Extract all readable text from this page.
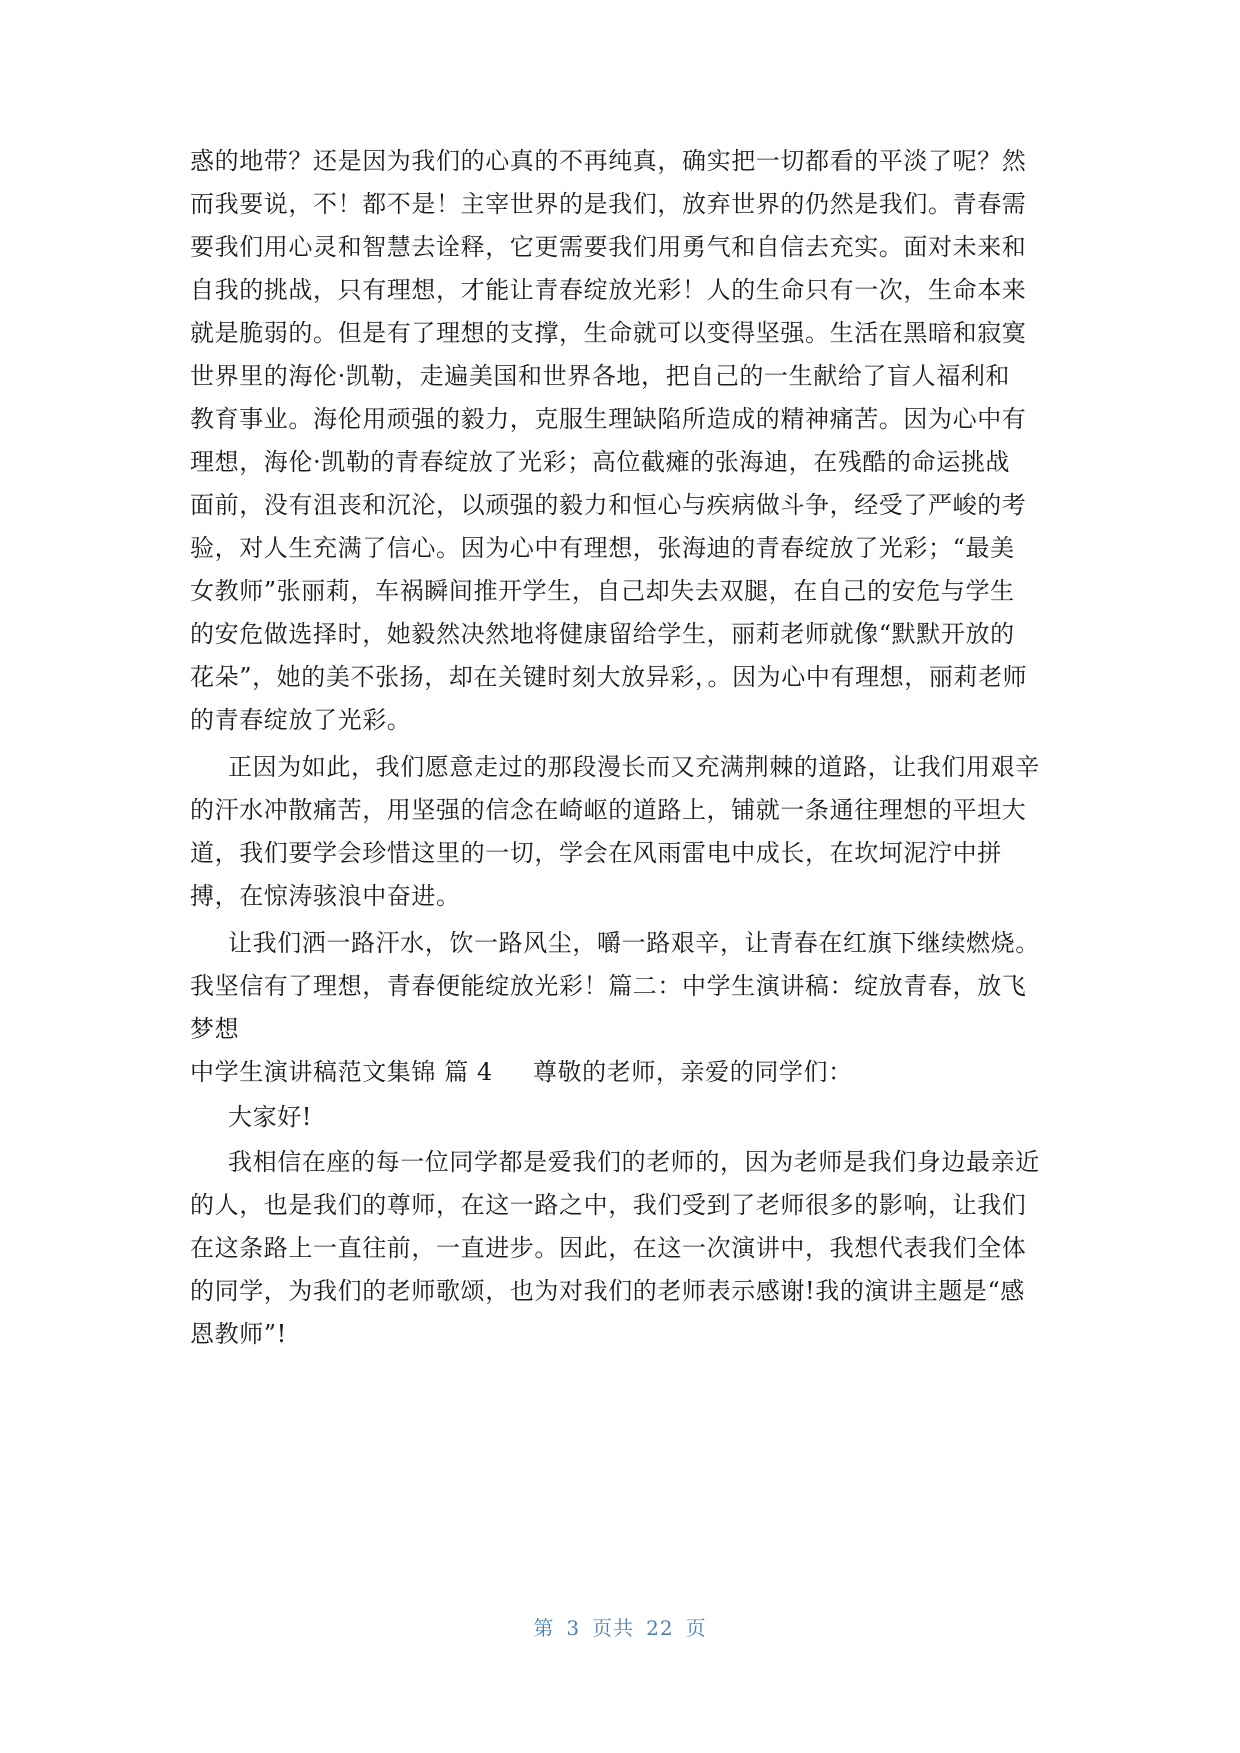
惑的地带？还是因为我们的心真的不再纯真，确实把一切都看的平淡了呢？然
而我要说，不！都不是！主宰世界的是我们，放弃世界的仍然是我们。青春需
要我们用心灵和智慧去诠释，它更需要我们用勇气和自信去充实。面对未来和
自我的挑战，只有理想，才能让青春绽放光彩！人的生命只有一次，生命本来
就是脆弱的。但是有了理想的支撑，生命就可以变得坚强。生活在黑暗和寂寞
世界里的海伦·凯勒，走遍美国和世界各地，把自己的一生献给了盲人福利和
教育事业。海伦用顽强的毅力，克服生理缺陷所造成的精神痛苦。因为心中有
理想，海伦·凯勒的青春绽放了光彩；高位截瘫的张海迪，在残酷的命运挑战
面前，没有沮丧和沉沦，以顽强的毅力和恒心与疾病做斗争，经受了严峻的考
验，对人生充满了信心。因为心中有理想，张海迪的青春绽放了光彩；“最美
女教师”张丽莉，车祸瞬间推开学生，自己却失去双腿，在自己的安危与学生
的安危做选择时，她毅然决然地将健康留给学生，丽莉老师就像“默默开放的
花朵”，她的美不张扬，却在关键时刻大放异彩，。因为心中有理想，丽莉老师
的青春绽放了光彩。
正因为如此，我们愿意走过的那段漫长而又充满荆棘的道路，让我们用艰辛
的汗水冲散痛苦，用坚强的信念在崎岖的道路上，铺就一条通往理想的平坦大
道，我们要学会珍惜这里的一切，学会在风雨雷电中成长，在坎坷泥泞中拼
搏，在惊涛骇浪中奋进。
让我们洒一路汗水，饮一路风尘，嚼一路艰辛，让青春在红旗下继续燃烧。
我坚信有了理想，青春便能绽放光彩！篇二：中学生演讲稿：绽放青春，放飞
梦想
中学生演讲稿范文集锦 篇 4 尊敬的老师，亲爱的同学们：
大家好!
我相信在座的每一位同学都是爱我们的老师的，因为老师是我们身边最亲近
的人，也是我们的尊师，在这一路之中，我们受到了老师很多的影响，让我们
在这条路上一直往前，一直进步。因此，在这一次演讲中，我想代表我们全体
的同学，为我们的老师歌颂，也为对我们的老师表示感谢!我的演讲主题是“感
恩教师”!
第 3 页共 22 页
